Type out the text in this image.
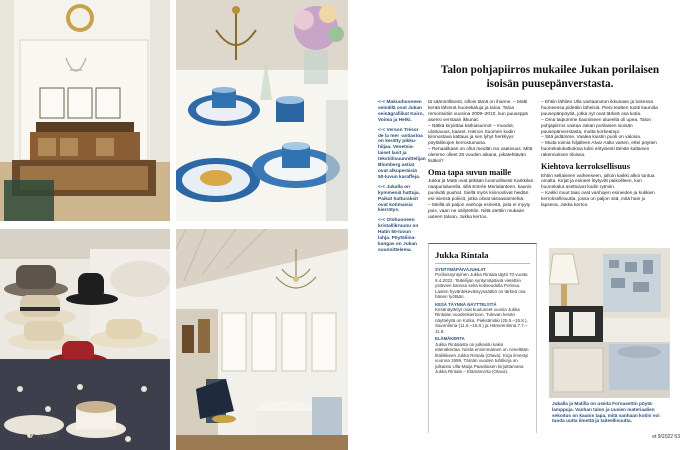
Talon pohjapiirros mukailee Jukan porilaisen isoisän puusepänverstasta.

<-< Makuuhuoneen seinällä ovat Jukan seinägrafiikat Kairo, Voima ja Hetki.

<-< Verson Trésor de la mer -astiastoa on kerätty pikkuhiljaa. Venetsialaiset lasit ja tekstiilisuunnittelijan Blomberg astiat ovat alkuperäisiä 50-luvun karaffeja.

<-< Jukalla on kymmeniä hattuja. Paikat hatturaksit ovat kotimaisia kierrätys.

<-< Olohuoneen kristallikruunu on Hatin 50-luvun lahja. Pöytäliinakangas on Jukan suunnittelema.

tä säännöllisesti, silloin tämä on ihanne. – Matti kerää lähinnä huonekaluja ja taloa. Taloa remontoitiin vuosina 2009–2010, kun puuseppä asensi verstaan ikkunat.

– Nätkä kirjoittaa kärkiasunnot – muodot, ulottuvuus, kaaret. Hienon Suomen kodin kiinnostava kattaus ja sen lyhyt herkkyys pöytäliinojen kerrostumana.

– Renaalikaan on ollut meidän iso vaativuus. Mitä olemme olleet 25 vuoden aikana, pikatehtävän lisäksi?

Oma tapa suvun maille

Jukka ja Matti ovat pitkään luonnollisesti Karkkilan naapurialueella, sillä Entrée Merialanteen, kaunis puoliväli puuhat. Siellä myös kiinnostivat heidän esi-isiensä poliisit, jotka olivat taitoasiamiehiä.

– Meillä oli paljon vanhoja esineitä, joita ei myyty pois, vaan ne säilytettiin. Niitä otettiin mukaan uuteen taloon, Jukka kertoo.

– Ehtiin lähtien Ulla vastaanoton ikkunaan ja toisessa huoneessa pidettiin läheisiä. Pieni teatteri tuotti kauniita puusepänpöytiä, jotka nyt ovat tärkeä osa kotia.

– Oma taipumme kauniiseen alueella oli upea. Talon pohjapiirros vastaa Jukan porilaisen isoisän puusepänverstasta, mutta korkeampi.

– Sitä pidämme. Vaalea kuistin puoli on valoisa.

– Muita toimia hiljalleen Alvar Aalto varten, ettei pöytien huonekalukatkoksia tulisi erityisesti tämän kaltaisen rakennuksen tiloissa.

Kiehtova kerroksellisuus

Ehtiin sellaiseen vaiheeseen, jolloin kaikki alkoi tuntua omalta. Kirjat ja esineet löytyvät paikoilleen, kun huonekalut asettuivat kodin rytmiin.

– Kaikki muut taas ovat vanhojen esineiden ja kukkien kerroksellisuutta, jossa on paljon sitä, mitä hain jo lapsena, Jukka kertoo.

Jukka Rintala
SYNTYMÄPÄIVÄJUHLAT

Porilaissyntyinen Jukka Rintala täytti 70 vuotta 9.4.2022. Taiteilijan syntymäpäiviä vietettiin ystävien kanssa sekä kotiseudulla Porissa. Lasten hyväntekeväisyyssäätiö on tärkeä osa hänen työtään.

KESÄ TÄYNNÄ NÄYTTELYITÄ

Kesänäyttelyt ovat kuuluneet vuosia Jukka Rintalan vuodenkiertoon. Tulevan kesän näyttelyitä on Kotka, Pieksämäki (25.5.–15.8.), Savonlinna (11.6.–15.8.) ja Hämeenlinna 7.7.–11.9.

ELÄMÄKERTA

Jukka Rintalasta on julkaistu kaksi elämäkertaa. Niistä ensimmäinen on nimeltään Iltaliikkeen Jukka Rintala (Otava). Kirja ilmestyi vuonna 1999. Tämän vuoden tuhtikirja on julkaistu Ulla-Maija Paavilaisen kirjoittamana Jukka Rintala – Elämänvirta (Otava).

Jukalla ja Matilla on useita Fornasettin pöytälamppuja. Vanhan talon ja uusien materiaalien sekoitus on kaunis tapa, mitä vanhaan kotiin voi tuoda uutta ilmettä ja taiteellisuutta.

62 et 9/2022	et 9/2022 63
